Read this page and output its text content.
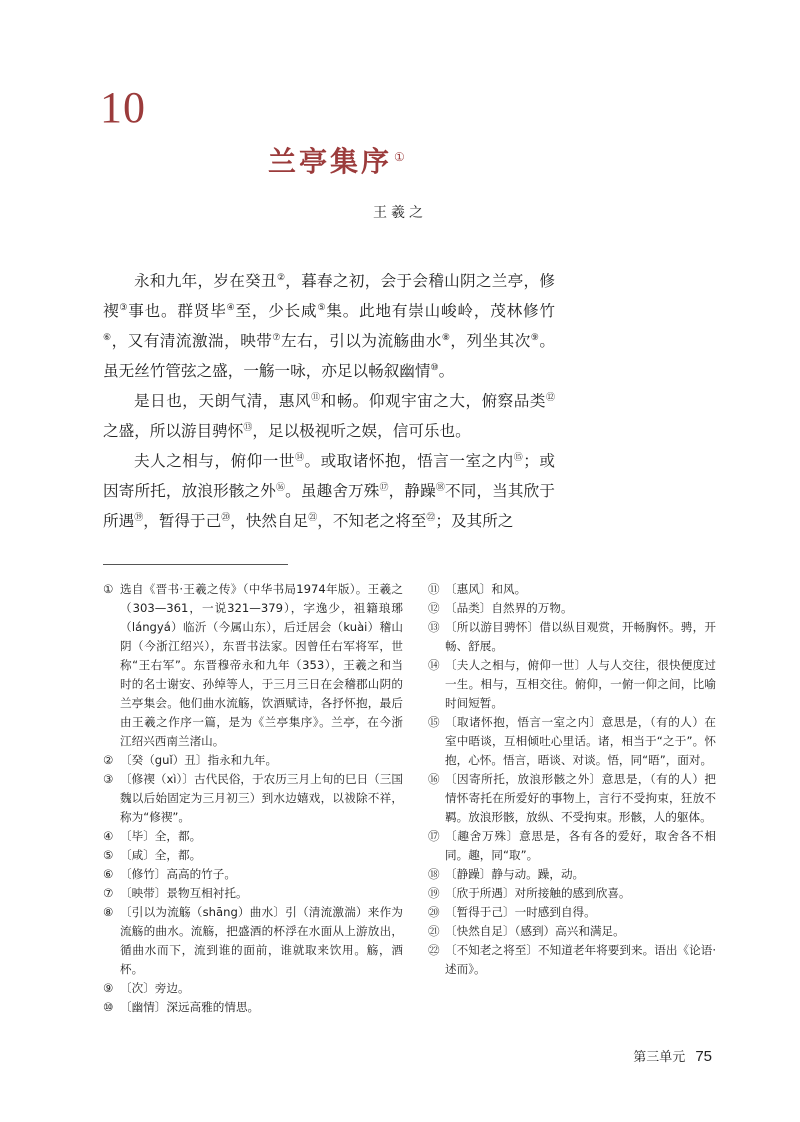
10
兰亭集序 ①
王羲之

永和九年，岁在癸丑②，暮春之初，会于会稽山阴之兰亭，修禊③事也。群贤毕④至，少长咸⑤集。此地有崇山峻岭，茂林修竹⑥，又有清流激湍，映带⑦左右，引以为流觞曲水⑧，列坐其次⑨。虽无丝竹管弦之盛，一觞一咏，亦足以畅叙幽情⑩。

是日也，天朗气清，惠风⑪和畅。仰观宇宙之大，俯察品类⑫之盛，所以游目骋怀⑬，足以极视听之娱，信可乐也。

夫人之相与，俯仰一世⑭。或取诸怀抱，悟言一室之内⑮；或因寄所托，放浪形骸之外⑯。虽趣舍万殊⑰，静躁⑱不同，当其欣于所遇⑲，暂得于己⑳，快然自足$^㉑$，不知老之将至$^㉒$；及其所之

① 选自《晋书·王羲之传》（中华书局1974年版）。王羲之（303—361，一说321—379），字逸少，祖籍琅琊（lángyá）临沂（今属山东），后迁居会（kuài）稽山阴（今浙江绍兴），东晋书法家。因曾任右军将军，世称“王右军”。东晋穆帝永和九年（353），王羲之和当时的名士谢安、孙绰等人，于三月三日在会稽郡山阴的兰亭集会。他们曲水流觞，饮酒赋诗，各抒怀抱，最后由王羲之作序一篇，是为《兰亭集序》。兰亭，在今浙江绍兴西南兰渚山。
② 〔癸（guǐ）丑〕指永和九年。
③ 〔修禊（xì）〕古代民俗，于农历三月上旬的巳日（三国魏以后始固定为三月初三）到水边嬉戏，以祓除不祥，称为“修禊”。
④ 〔毕〕全，都。
⑤ 〔咸〕全，都。
⑥ 〔修竹〕高高的竹子。
⑦ 〔映带〕景物互相衬托。
⑧ 〔引以为流觞（shāng）曲水〕引（清流激湍）来作为流觞的曲水。流觞，把盛酒的杯浮在水面从上游放出，循曲水而下，流到谁的面前，谁就取来饮用。觞，酒杯。
⑨ 〔次〕旁边。
⑩ 〔幽情〕深远高雅的情思。
⑪ 〔惠风〕和风。
⑫ 〔品类〕自然界的万物。
⑬ 〔所以游目骋怀〕借以纵目观赏，开畅胸怀。骋，开畅、舒展。
⑭ 〔夫人之相与，俯仰一世〕人与人交往，很快便度过一生。相与，互相交往。俯仰，一俯一仰之间，比喻时间短暂。
⑮ 〔取诸怀抱，悟言一室之内〕意思是，（有的人）在室中晤谈，互相倾吐心里话。诸，相当于“之于”。怀抱，心怀。悟言，晤谈、对谈。悟，同“晤”，面对。
⑯ 〔因寄所托，放浪形骸之外〕意思是，（有的人）把情怀寄托在所爱好的事物上，言行不受拘束，狂放不羁。放浪形骸，放纵、不受拘束。形骸，人的躯体。
⑰ 〔趣舍万殊〕意思是，各有各的爱好，取舍各不相同。趣，同“取”。
⑱ 〔静躁〕静与动。躁，动。
⑲ 〔欣于所遇〕对所接触的感到欣喜。
⑳ 〔暂得于己〕一时感到自得。
㉑ 〔快然自足〕（感到）高兴和满足。
㉒ 〔不知老之将至〕不知道老年将要到来。语出《论语·述而》。
第三单元 75
